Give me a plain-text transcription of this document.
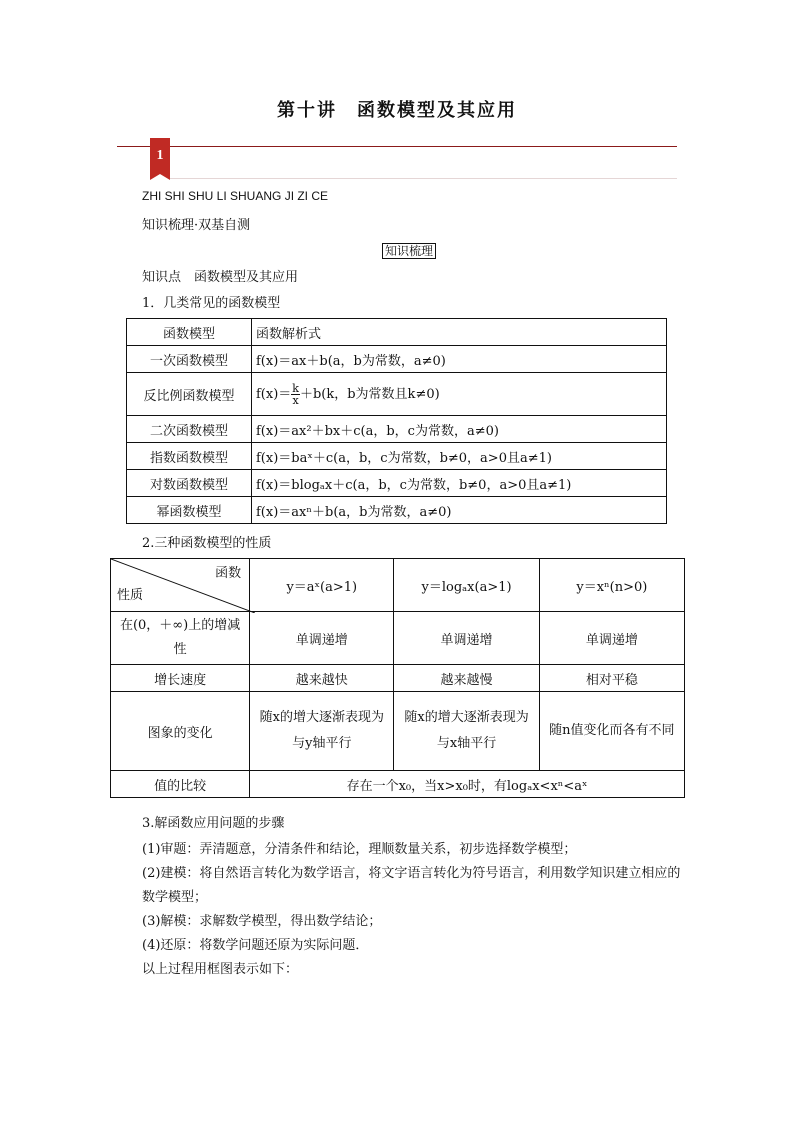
第十讲　函数模型及其应用
1
ZHI SHI SHU LI SHUANG JI ZI CE
知识梳理·双基自测
知识梳理
知识点　函数模型及其应用
1．几类常见的函数模型
函数模型	函数解析式
一次函数模型	f(x)＝ax＋b(a，b为常数，a≠0)
反比例函数模型	$f(x)= \frac{k}{x} +b(k$，b为常数且k≠0)
二次函数模型	f(x)＝ax²＋bx＋c(a，b，c为常数，a≠0)
指数函数模型	f(x)＝baˣ＋c(a，b，c为常数，b≠0，a>0且a≠1)
对数函数模型	f(x)＝blogₐx＋c(a，b，c为常数，b≠0，a>0且a≠1)
幂函数模型	f(x)＝axⁿ＋b(a，b为常数，a≠0)
2.三种函数模型的性质
函数
性质	y＝aˣ(a>1)	y＝logₐx(a>1)	y＝xⁿ(n>0)
在(0，＋∞)上的增减性	单调递增	单调递增	单调递增
增长速度	越来越快	越来越慢	相对平稳
图象的变化	随x的增大逐渐表现为与y轴平行	随x的增大逐渐表现为与x轴平行	随n值变化而各有不同
值的比较	存在一个x₀，当x>x₀时，有logₐx<xⁿ<aˣ		
3.解函数应用问题的步骤

(1)审题：弄清题意，分清条件和结论，理顺数量关系，初步选择数学模型；

(2)建模：将自然语言转化为数学语言，将文字语言转化为符号语言，利用数学知识建立相应的数学模型；

(3)解模：求解数学模型，得出数学结论；

(4)还原：将数学问题还原为实际问题．

以上过程用框图表示如下：
